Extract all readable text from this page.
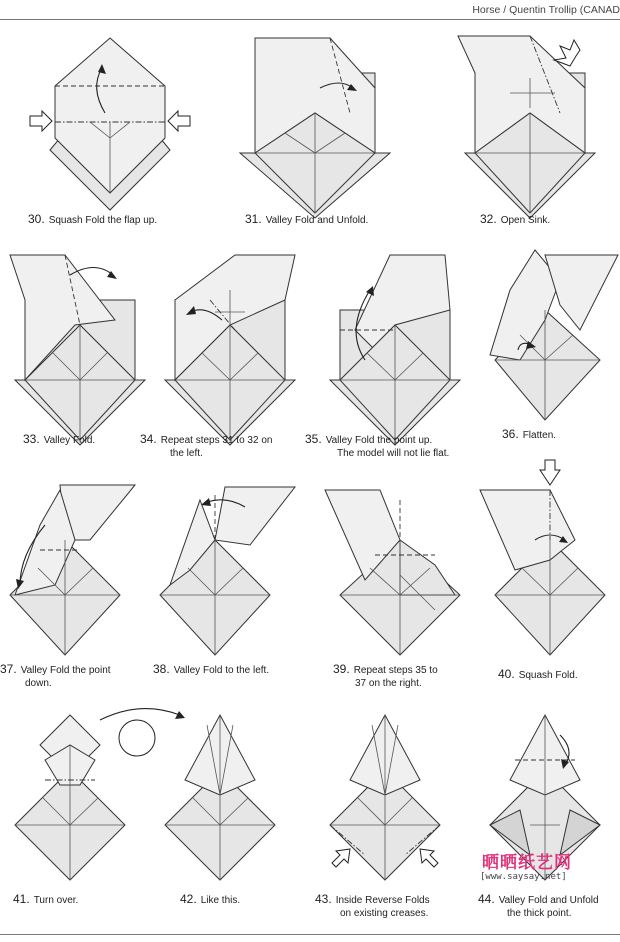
Horse / Quentin Trollip (CANAD
30. Squash Fold the flap up.	31. Valley Fold and Unfold.	32. Open Sink.
33. Valley Fold.	34. Repeat steps 31 to 32 on
the left.
35. Valley Fold the point up.
The model will not lie flat.
36. Flatten.
37. Valley Fold the point
down.
38. Valley Fold to the left.	39. Repeat steps 35 to
37 on the right.
40. Squash Fold.
41. Turn over.	42. Like this.	43. Inside Reverse Folds
on existing creases.
44. Valley Fold and Unfold
the thick point.
晒晒纸艺网
[www.saysay.net]
